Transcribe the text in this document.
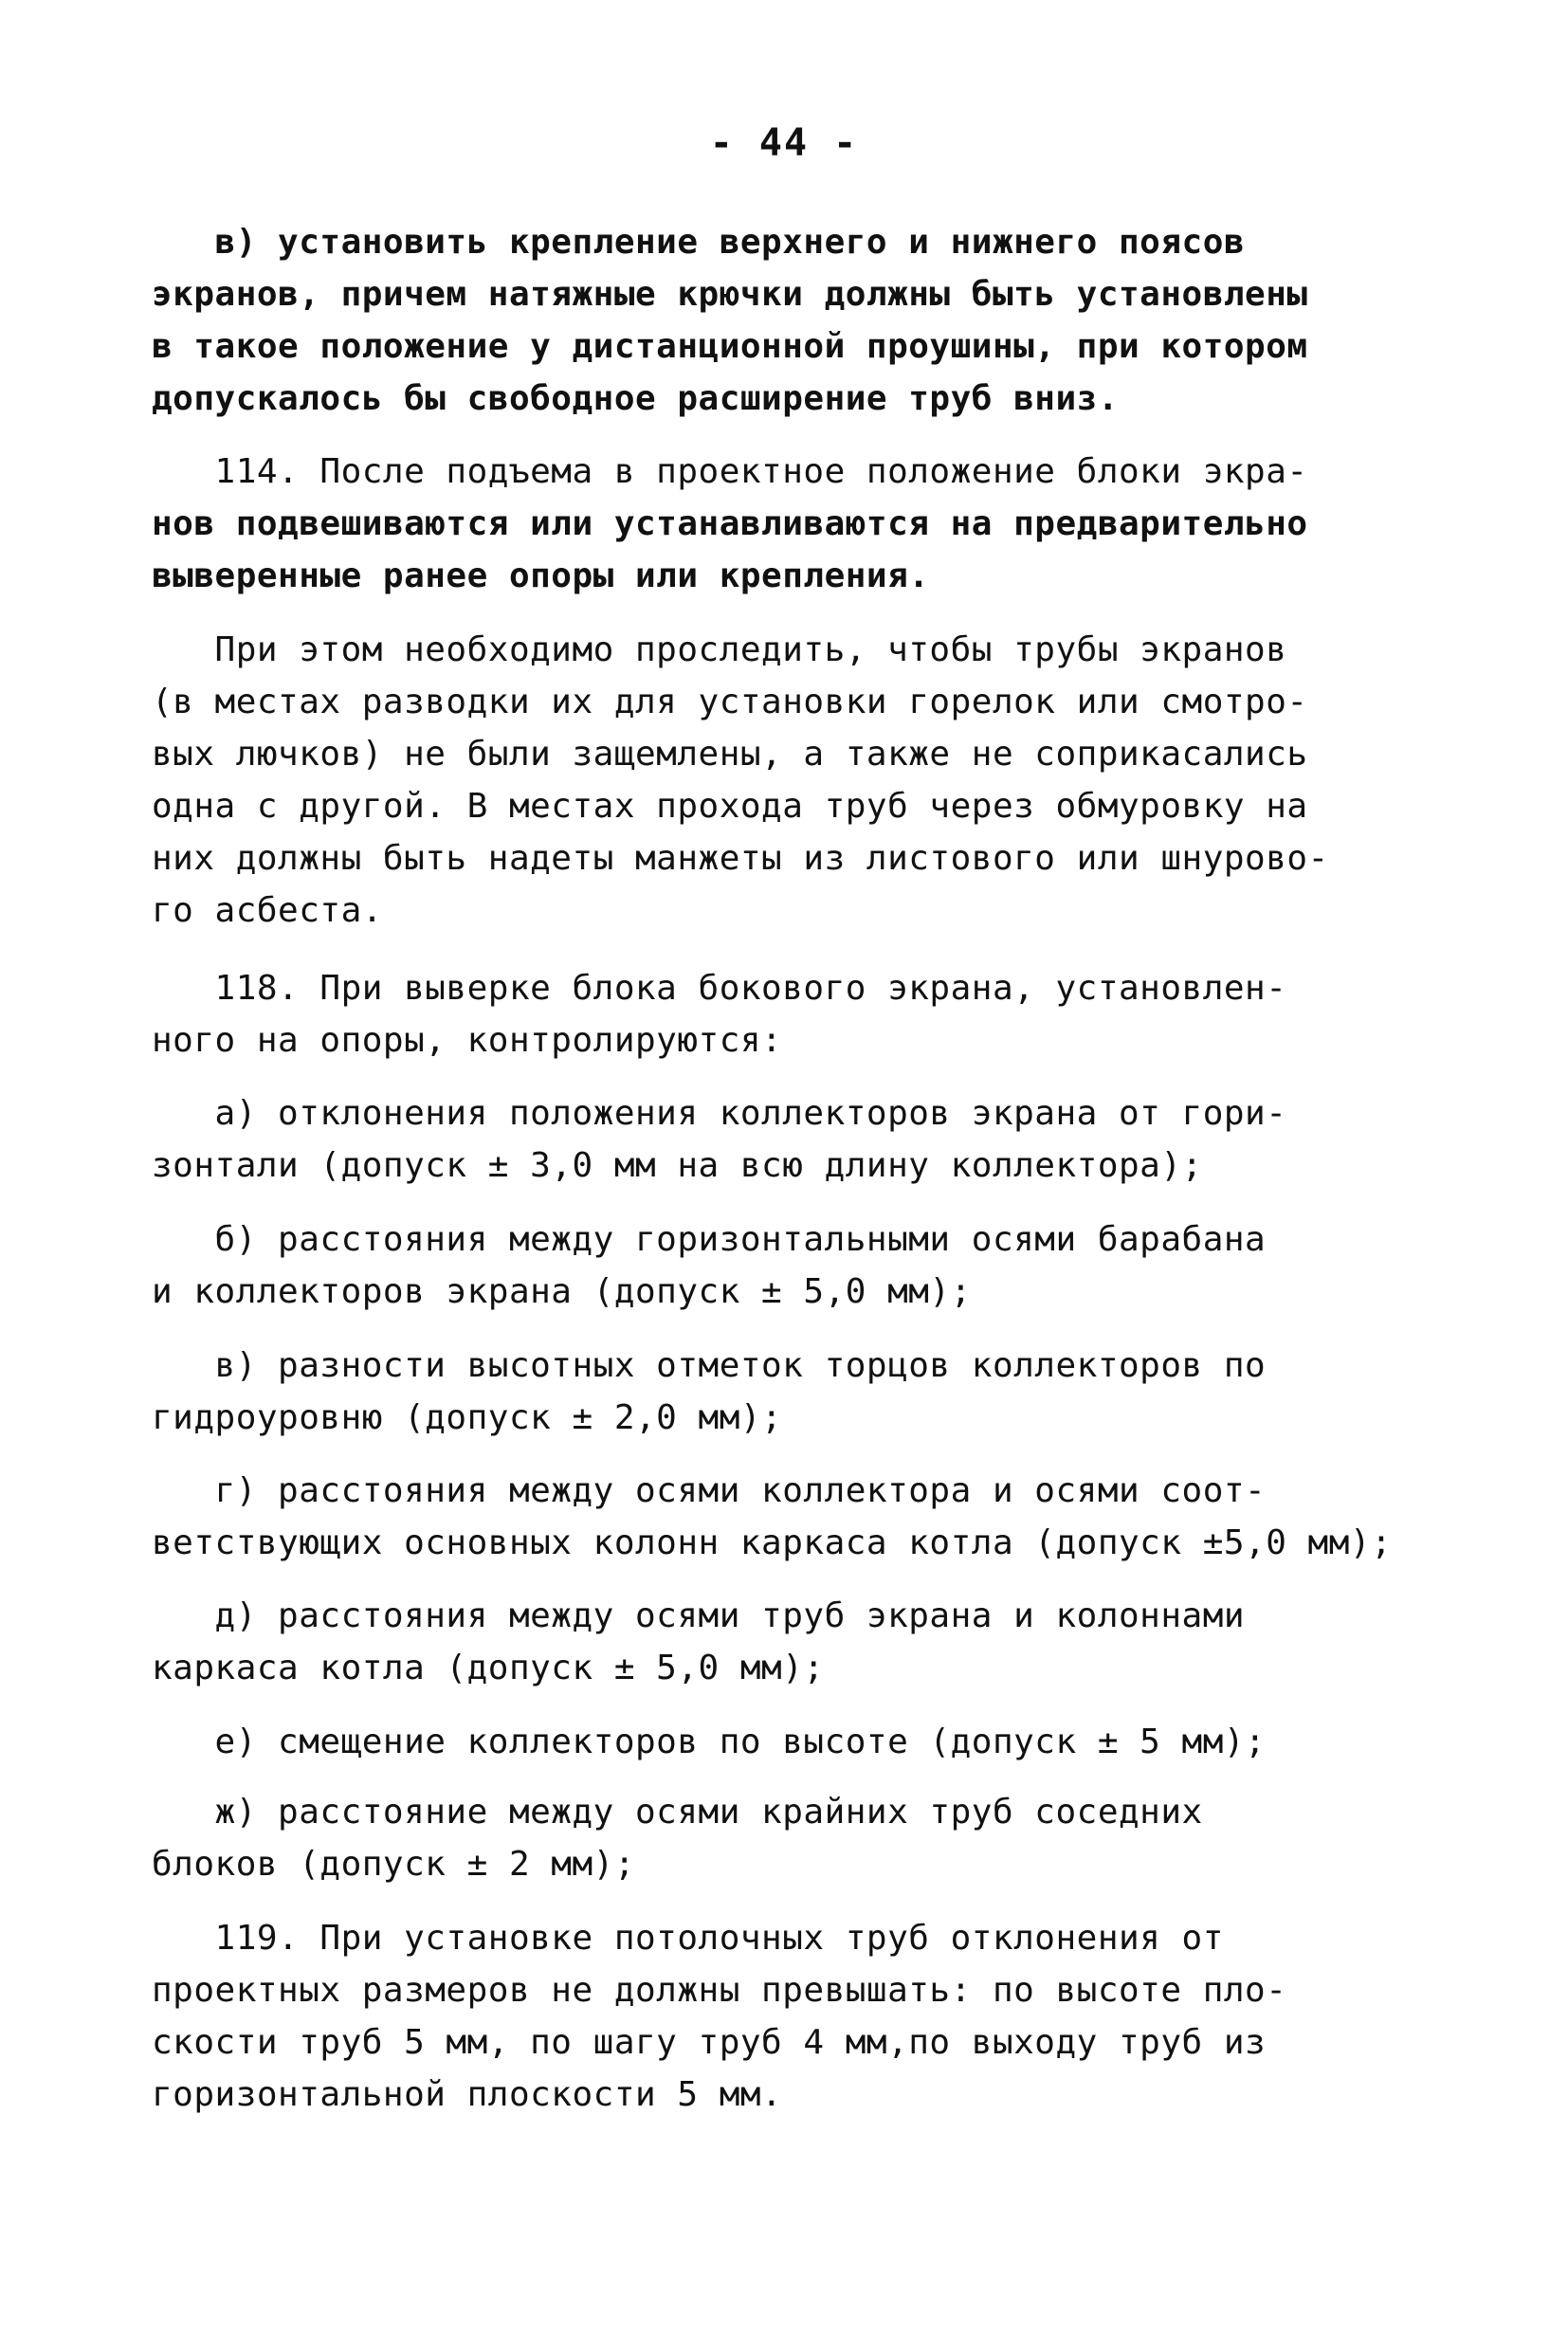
- 44 -

в) установить крепление верхнего и нижнего поясов
экранов, причем натяжные крючки должны быть установлены
в такое положение у дистанционной проушины, при котором
допускалось бы свободное расширение труб вниз.

114. После подъема в проектное положение блоки экра-
нов подвешиваются или устанавливаются на предварительно
выверенные ранее опоры или крепления.

При этом необходимо проследить, чтобы трубы экранов
(в местах разводки их для установки горелок или смотро-
вых лючков) не были защемлены, а также не соприкасались
одна с другой. В местах прохода труб через обмуровку на
них должны быть надеты манжеты из листового или шнурово-
го асбеста.

118. При выверке блока бокового экрана, установлен-
ного на опоры, контролируются:

а) отклонения положения коллекторов экрана от гори-
зонтали (допуск ± 3,0 мм на всю длину коллектора);

б) расстояния между горизонтальными осями барабана
и коллекторов экрана (допуск ± 5,0 мм);

в) разности высотных отметок торцов коллекторов по
гидроуровню (допуск ± 2,0 мм);

г) расстояния между осями коллектора и осями соот-
ветствующих основных колонн каркаса котла (допуск ±5,0 мм);

д) расстояния между осями труб экрана и колоннами
каркаса котла (допуск ± 5,0 мм);

е) смещение коллекторов по высоте (допуск ± 5 мм);

ж) расстояние между осями крайних труб соседних
блоков (допуск ± 2 мм);

119. При установке потолочных труб отклонения от
проектных размеров не должны превышать: по высоте пло-
скости труб 5 мм, по шагу труб 4 мм,по выходу труб из
горизонтальной плоскости 5 мм.
